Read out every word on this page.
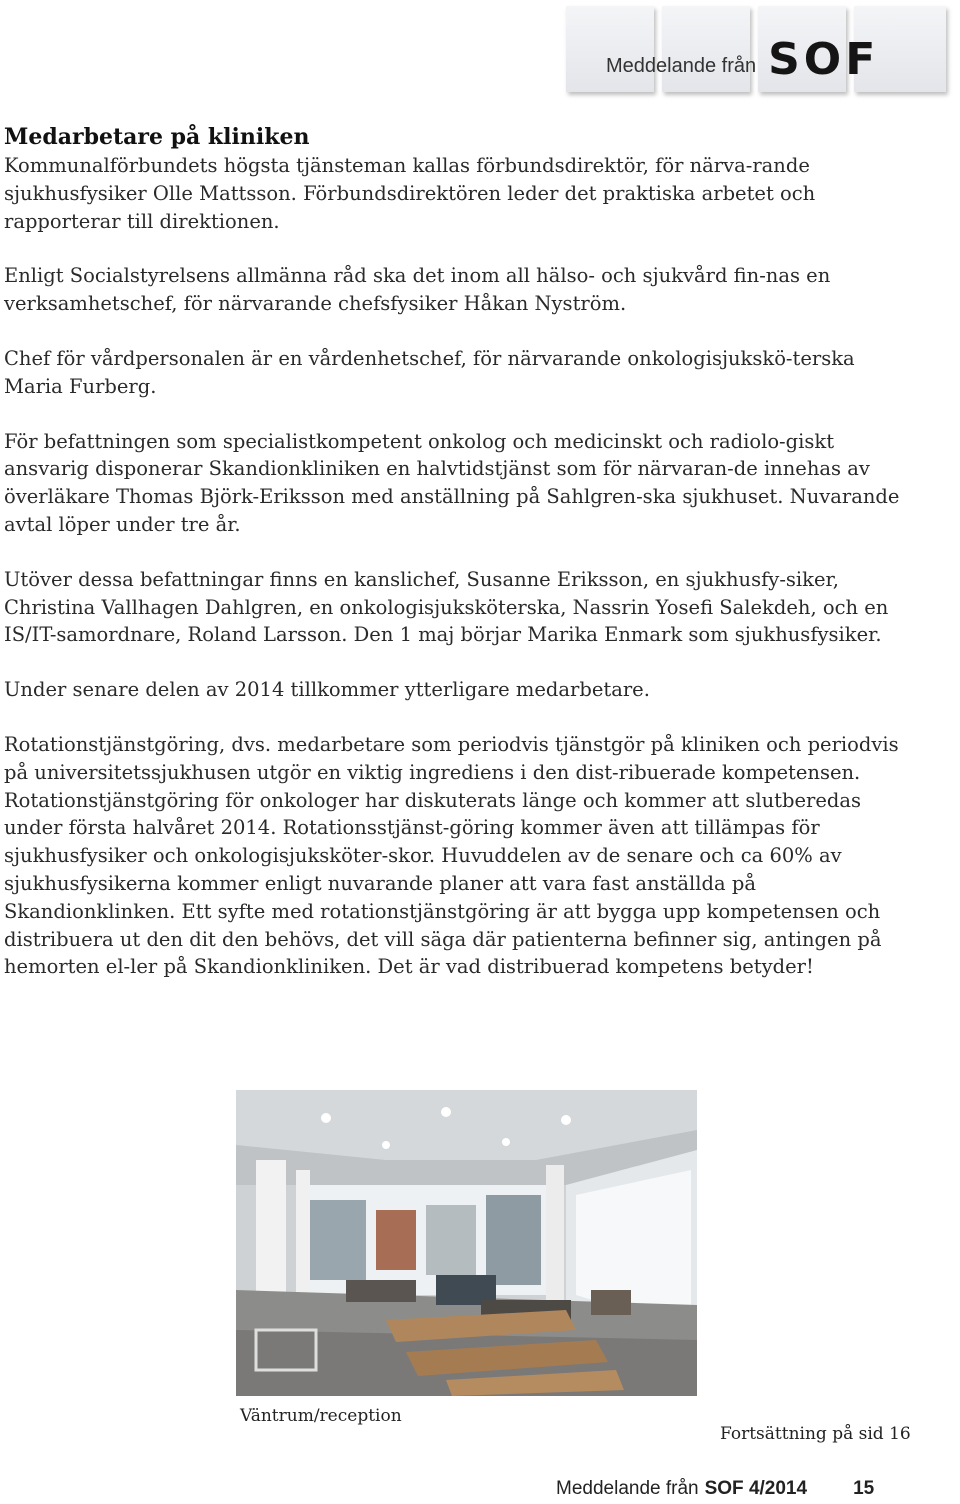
Meddelande från SOF
Medarbetare på kliniken

Kommunalförbundets högsta tjänsteman kallas förbundsdirektör, för närva-rande sjukhusfysiker Olle Mattsson. Förbundsdirektören leder det praktiska arbetet och rapporterar till direktionen.

Enligt Socialstyrelsens allmänna råd ska det inom all hälso- och sjukvård fin-nas en verksamhetschef, för närvarande chefsfysiker Håkan Nyström.

Chef för vårdpersonalen är en vårdenhetschef, för närvarande onkologisjukskö-terska Maria Furberg.

För befattningen som specialistkompetent onkolog och medicinskt och radiolo-giskt ansvarig disponerar Skandionkliniken en halvtidstjänst som för närvaran-de innehas av överläkare Thomas Björk-Eriksson med anställning på Sahlgren-ska sjukhuset. Nuvarande avtal löper under tre år.

Utöver dessa befattningar finns en kanslichef, Susanne Eriksson, en sjukhusfy-siker, Christina Vallhagen Dahlgren, en onkologisjuksköterska, Nassrin Yosefi Salekdeh, och en IS/IT-samordnare, Roland Larsson. Den 1 maj börjar Marika Enmark som sjukhusfysiker.

Under senare delen av 2014 tillkommer ytterligare medarbetare.

Rotationstjänstgöring, dvs. medarbetare som periodvis tjänstgör på kliniken och periodvis på universitetssjukhusen utgör en viktig ingrediens i den dist-ribuerade kompetensen. Rotationstjänstgöring för onkologer har diskuterats länge och kommer att slutberedas under första halvåret 2014. Rotationsstjänst-göring kommer även att tillämpas för sjukhusfysiker och onkologisjuksköter-skor. Huvuddelen av de senare och ca 60% av sjukhusfysikerna kommer enligt nuvarande planer att vara fast anställda på Skandionklinken. Ett syfte med rotationstjänstgöring är att bygga upp kompetensen och distribuera ut den dit den behövs, det vill säga där patienterna befinner sig, antingen på hemorten el-ler på Skandionkliniken. Det är vad distribuerad kompetens betyder!

Väntrum/reception
Fortsättning på sid 16
Meddelande från SOF 4/2014 15
